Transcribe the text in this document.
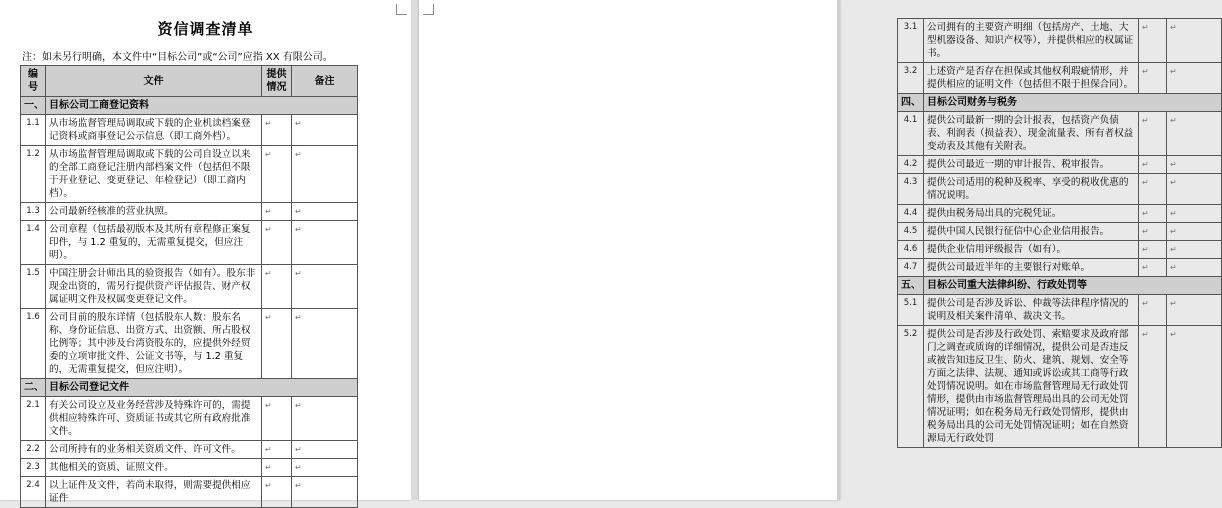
资信调查清单
注：如未另行明确，本文件中“目标公司”或“公司”应指 XX 有限公司。
编号	文件	提供情况	备注
一、	目标公司工商登记资料		
1.1	从市场监督管理局调取或下载的企业机读档案登记资料或商事登记公示信息（即工商外档）。	↵	↵
1.2	从市场监督管理局调取或下载的公司自设立以来的全部工商登记注册内部档案文件（包括但不限于开业登记、变更登记、年检登记）（即工商内档）。	↵	↵
1.3	公司最新经核准的营业执照。	↵	↵
1.4	公司章程（包括最初版本及其所有章程修正案复印件，与 1.2 重复的，无需重复提交，但应注明）。	↵	↵
1.5	中国注册会计师出具的验资报告（如有）。股东非现金出资的，需另行提供资产评估报告、财产权属证明文件及权属变更登记文件。	↵	↵
1.6	公司目前的股东详情（包括股东人数：股东名称、身份证信息、出资方式、出资额、所占股权比例等；其中涉及台湾资股东的，应提供外经贸委的立项审批文件、公证文书等，与 1.2 重复的，无需重复提交，但应注明）。	↵	↵
二、	目标公司登记文件		
2.1	有关公司设立及业务经营涉及特殊许可的，需提供相应特殊许可、资质证书或其它所有政府批准文件。	↵	↵
2.2	公司所持有的业务相关资质文件、许可文件。	↵	↵
2.3	其他相关的资质、证照文件。	↵	↵
2.4	以上证件及文件，若尚未取得，则需要提供相应证件	↵	↵
3.1	公司拥有的主要资产明细（包括房产、土地、大型机器设备、知识产权等），并提供相应的权属证书。	↵	↵
3.2	上述资产是否存在担保或其他权利瑕疵情形，并提供相应的证明文件（包括但不限于担保合同）。	↵	↵
四、	目标公司财务与税务		
4.1	提供公司最新一期的会计报表，包括资产负债表、利润表（损益表）、现金流量表、所有者权益变动表及其他有关附表。	↵	↵
4.2	提供公司最近一期的审计报告、税审报告。	↵	↵
4.3	提供公司适用的税种及税率、享受的税收优惠的情况说明。	↵	↵
4.4	提供由税务局出具的完税凭证。	↵	↵
4.5	提供中国人民银行征信中心企业信用报告。	↵	↵
4.6	提供企业信用评级报告（如有）。	↵	↵
4.7	提供公司最近半年的主要银行对账单。	↵	↵
五、	目标公司重大法律纠纷、行政处罚等		
5.1	提供公司是否涉及诉讼、仲裁等法律程序情况的说明及相关案件清单、裁决文书。	↵	↵
5.2	提供公司是否涉及行政处罚、索赔要求及政府部门之调查或质询的详细情况，提供公司是否违反或被告知违反卫生、防火、建筑、规划、安全等方面之法律、法规、通知或诉讼或其工商等行政处罚情况说明。如在市场监督管理局无行政处罚情形，提供由市场监督管理局出具的公司无处罚情况证明；如在税务局无行政处罚情形，提供由税务局出具的公司无处罚情况证明；如在自然资源局无行政处罚	↵	↵
